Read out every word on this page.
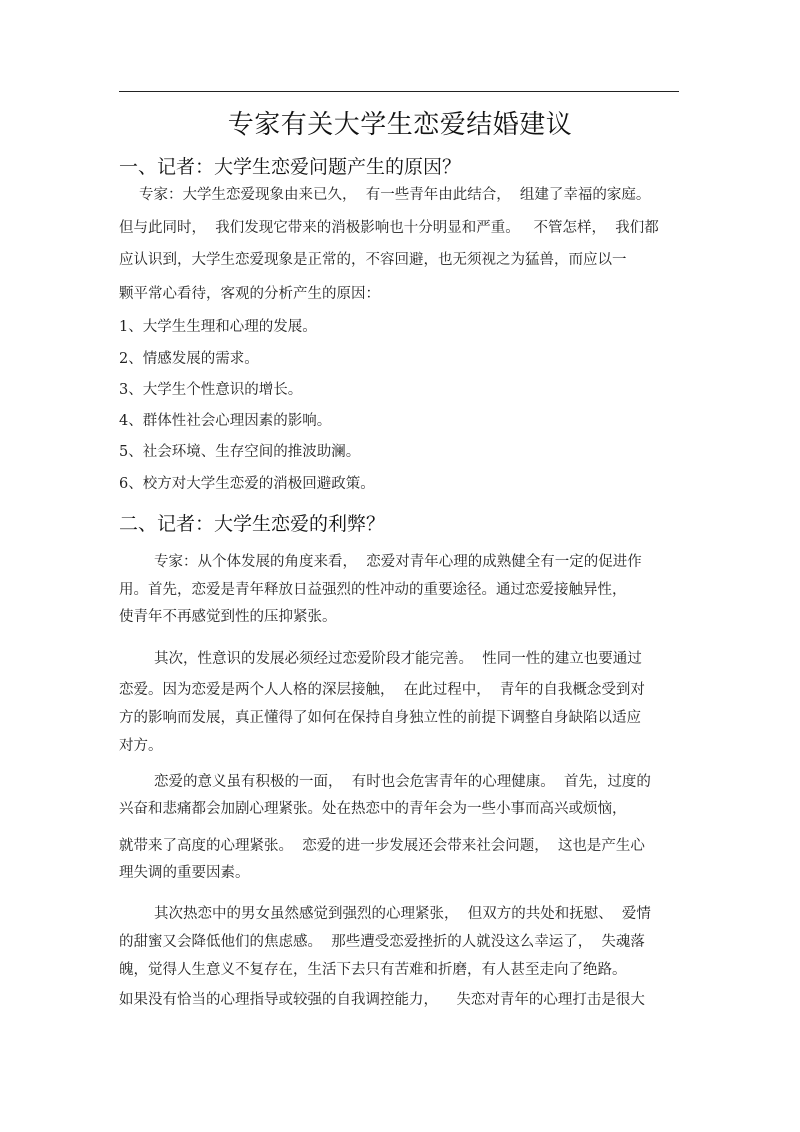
专家有关大学生恋爱结婚建议
一、记者：大学生恋爱问题产生的原因？
专家：大学生恋爱现象由来已久，  有一些青年由此结合，  组建了幸福的家庭。
但与此同时，  我们发现它带来的消极影响也十分明显和严重。   不管怎样，  我们都
应认识到，大学生恋爱现象是正常的，不容回避，也无须视之为猛兽，而应以一
颗平常心看待，客观的分析产生的原因：
1、大学生生理和心理的发展。
2、情感发展的需求。
3、大学生个性意识的增长。
4、群体性社会心理因素的影响。
5、社会环境、生存空间的推波助澜。
6、校方对大学生恋爱的消极回避政策。
二、记者：大学生恋爱的利弊？
专家：从个体发展的角度来看，  恋爱对青年心理的成熟健全有一定的促进作
用。首先，恋爱是青年释放日益强烈的性冲动的重要途径。通过恋爱接触异性，
使青年不再感觉到性的压抑紧张。
其次，性意识的发展必须经过恋爱阶段才能完善。  性同一性的建立也要通过
恋爱。因为恋爱是两个人人格的深层接触，  在此过程中，  青年的自我概念受到对
方的影响而发展，真正懂得了如何在保持自身独立性的前提下调整自身缺陷以适应
对方。
恋爱的意义虽有积极的一面，  有时也会危害青年的心理健康。  首先，过度的
兴奋和悲痛都会加剧心理紧张。处在热恋中的青年会为一些小事而高兴或烦恼，
就带来了高度的心理紧张。  恋爱的进一步发展还会带来社会问题，  这也是产生心
理失调的重要因素。
其次热恋中的男女虽然感觉到强烈的心理紧张，  但双方的共处和抚慰、  爱情
的甜蜜又会降低他们的焦虑感。  那些遭受恋爱挫折的人就没这么幸运了，  失魂落
魄，觉得人生意义不复存在，生活下去只有苦难和折磨，有人甚至走向了绝路。
如果没有恰当的心理指导或较强的自我调控能力，    失恋对青年的心理打击是很大
